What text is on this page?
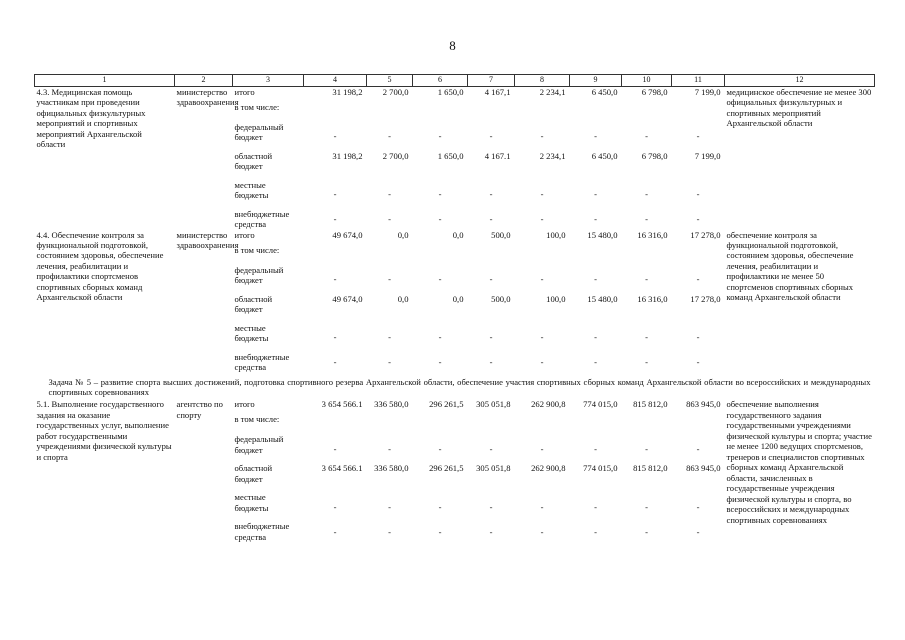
8
1	2	3	4	5	6	7	8	9	10	11	12
4.3. Медицинская помощь участникам при проведении официальных физкультурных мероприятий и спортивных мероприятий Архангельской области	министерство здравоохранения	итого	31 198,2	2 700,0	1 650,0	4 167,1	2 234,1	6 450,0	6 798,0	7 199,0	медицинское обеспечение не менее 300 официальных физкультурных и спортивных мероприятий Архангельской области
		в том числе:									
		федеральный бюджет	-	-	-	-	-	-	-	-	
		областной бюджет	31 198,2	2 700,0	1 650,0	4 167.1	2 234,1	6 450,0	6 798,0	7 199,0	
		местные бюджеты	-	-	-	-	-	-	-	-	
		внебюджетные средства	-	-	-	-	-	-	-	-	
4.4. Обеспечение контроля за функциональной подготовкой, состоянием здоровья, обеспечение лечения, реабилитации и профилактики спортсменов спортивных сборных команд Архангельской области	министерство здравоохранения	итого	49 674,0	0,0	0,0	500,0	100,0	15 480,0	16 316,0	17 278,0	обеспечение контроля за функциональной подготовкой, состоянием здоровья, обеспечение лечения, реабилитации и профилактики не менее 50 спортсменов спортивных сборных команд Архангельской области
		в том числе:									
		федеральный бюджет	-	-	-	-	-	-	-	-	
		областной бюджет	49 674,0	0,0	0,0	500,0	100,0	15 480,0	16 316,0	17 278,0	
		местные бюджеты	-	-	-	-	-	-	-	-	
		внебюджетные средства	-	-	-	-	-	-	-	-	
Задача № 5 – развитие спорта высших достижений, подготовка спортивного резерва Архангельской области, обеспечение участия спортивных сборных команд Архангельской области во всероссийских и международных спортивных соревнованиях											
5.1. Выполнение государственного задания на оказание государственных услуг, выполнение работ государственными учреждениями физической культуры и спорта	агентство по спорту	итого	3 654 566.1	336 580,0	296 261,5	305 051,8	262 900,8	774 015,0	815 812,0	863 945,0	обеспечение выполнения государственного задания государственными учреждениями физической культуры и спорта; участие не менее 1200 ведущих спортсменов, тренеров и специалистов спортивных сборных команд Архангельской области, зачисленных в государственные учреждения физической культуры и спорта, во всероссийских и международных спортивных соревнованиях
		в том числе:									
		федеральный бюджет	-	-	-	-	-	-	-	-	
		областной бюджет	3 654 566.1	336 580,0	296 261,5	305 051,8	262 900,8	774 015,0	815 812,0	863 945,0	
		местные бюджеты	-	-	-	-	-	-	-	-	
		внебюджетные средства	-	-	-	-	-	-	-	-	
